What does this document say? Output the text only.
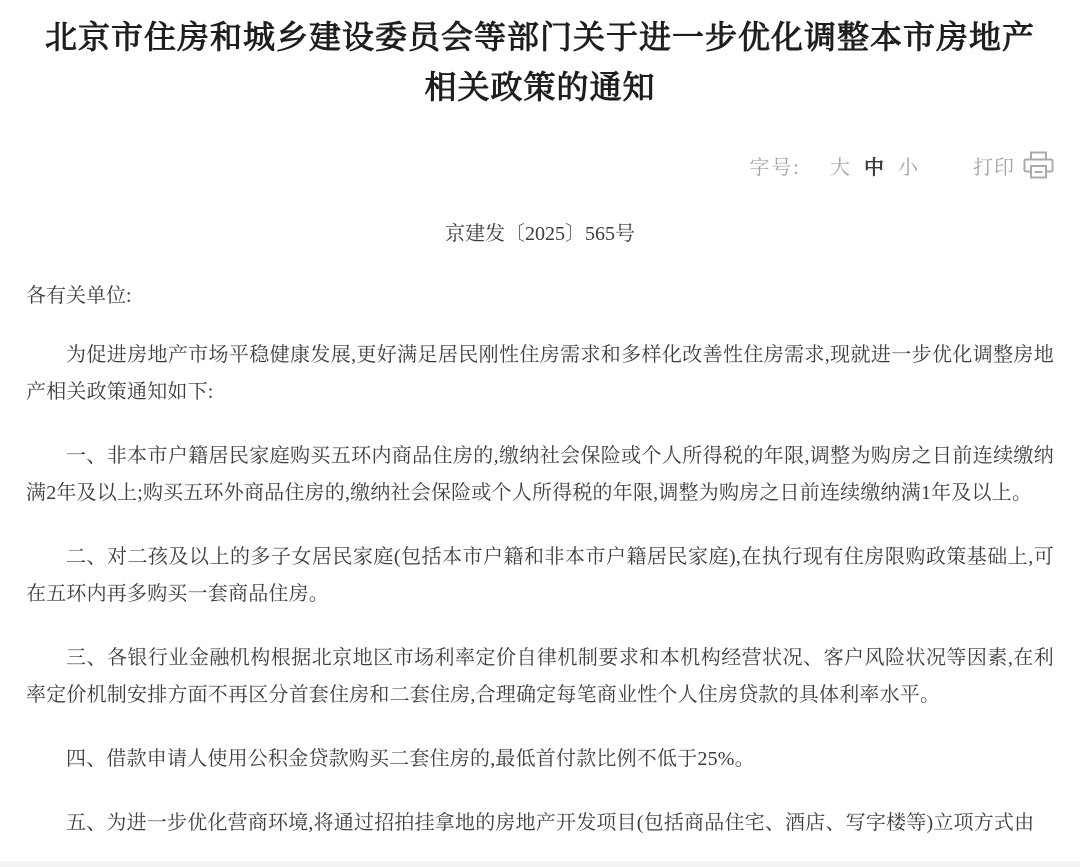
北京市住房和城乡建设委员会等部门关于进一步优化调整本市房地产
相关政策的通知
字号: 大 中 小	打印
京建发〔2025〕565号
各有关单位:

为促进房地产市场平稳健康发展,更好满足居民刚性住房需求和多样化改善性住房需求,现就进一步优化调整房地产相关政策通知如下:

一、非本市户籍居民家庭购买五环内商品住房的,缴纳社会保险或个人所得税的年限,调整为购房之日前连续缴纳满2年及以上;购买五环外商品住房的,缴纳社会保险或个人所得税的年限,调整为购房之日前连续缴纳满1年及以上。

二、对二孩及以上的多子女居民家庭(包括本市户籍和非本市户籍居民家庭),在执行现有住房限购政策基础上,可在五环内再多购买一套商品住房。

三、各银行业金融机构根据北京地区市场利率定价自律机制要求和本机构经营状况、客户风险状况等因素,在利率定价机制安排方面不再区分首套住房和二套住房,合理确定每笔商业性个人住房贷款的具体利率水平。

四、借款申请人使用公积金贷款购买二套住房的,最低首付款比例不低于25%。

五、为进一步优化营商环境,将通过招拍挂拿地的房地产开发项目(包括商品住宅、酒店、写字楼等)立项方式由
